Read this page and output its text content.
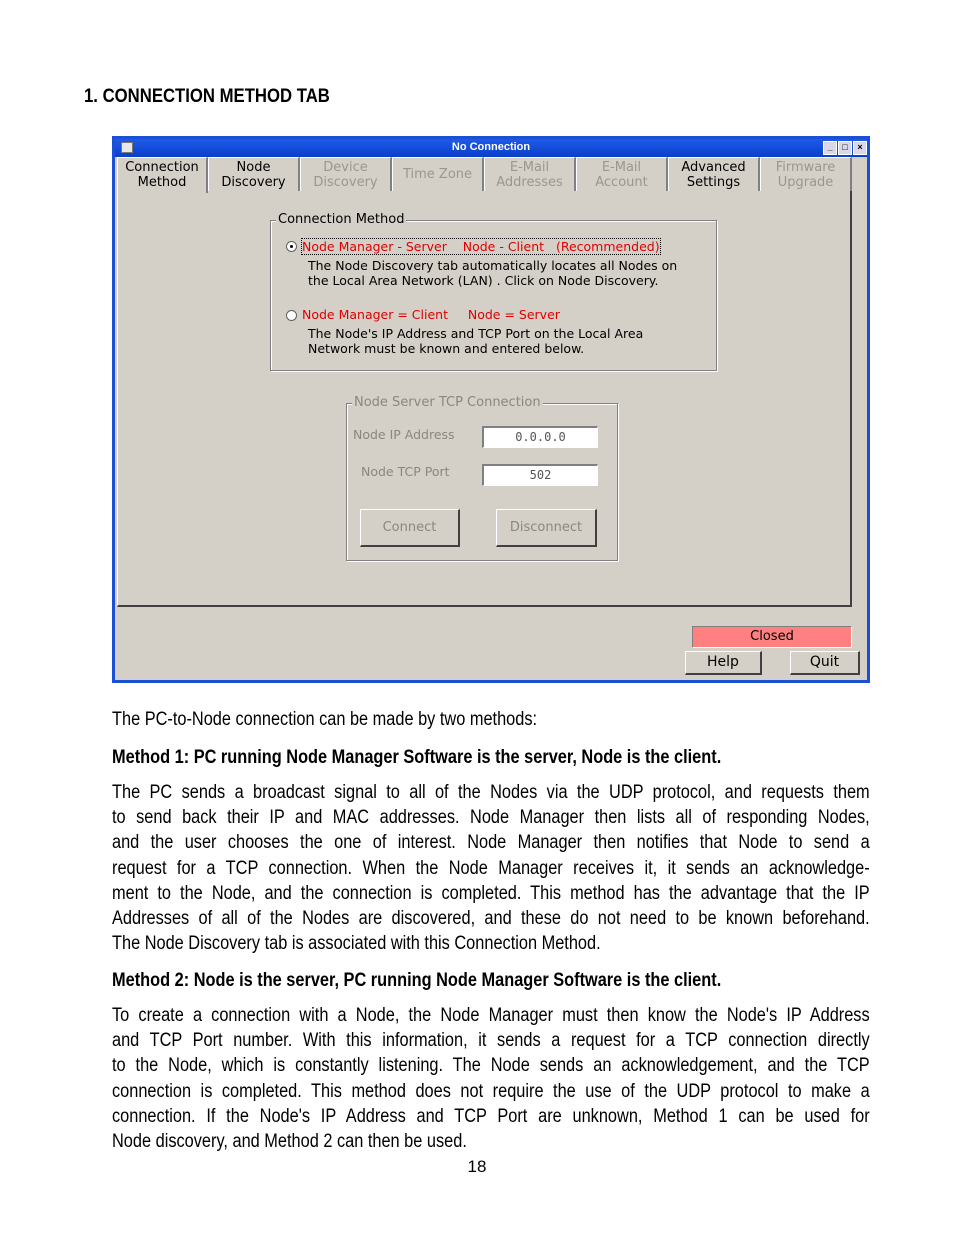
1. CONNECTION METHOD TAB
No Connection	_	□	×
Connection Method
Node Manager - Server Node - Client (Recommended)
The Node Discovery tab automatically locates all Nodes on
the Local Area Network (LAN) . Click on Node Discovery.
Node Manager = Client Node = Server
The Node's IP Address and TCP Port on the Local Area
Network must be known and entered below.
Node Server TCP Connection
Node IP Address	0.0.0.0
Node TCP Port	502
Connect	Disconnect
Connection
Method
Node
Discovery
Device
Discovery
Time Zone	E-Mail
Addresses
E-Mail
Account
Advanced
Settings
Firmware
Upgrade
Closed
Help	Quit
The PC-to-Node connection can be made by two methods:
Method 1: PC running Node Manager Software is the server, Node is the client.
The PC sends a broadcast signal to all of the Nodes via the UDP protocol, and requests them
to send back their IP and MAC addresses. Node Manager then lists all of responding Nodes,
and the user chooses the one of interest. Node Manager then notifies that Node to send a
request for a TCP connection. When the Node Manager receives it, it sends an acknowledge-
ment to the Node, and the connection is completed. This method has the advantage that the IP
Addresses of all of the Nodes are discovered, and these do not need to be known beforehand.
The Node Discovery tab is associated with this Connection Method.
Method 2: Node is the server, PC running Node Manager Software is the client.
To create a connection with a Node, the Node Manager must then know the Node's IP Address
and TCP Port number. With this information, it sends a request for a TCP connection directly
to the Node, which is constantly listening. The Node sends an acknowledgement, and the TCP
connection is completed. This method does not require the use of the UDP protocol to make a
connection. If the Node's IP Address and TCP Port are unknown, Method 1 can be used for
Node discovery, and Method 2 can then be used.
18
